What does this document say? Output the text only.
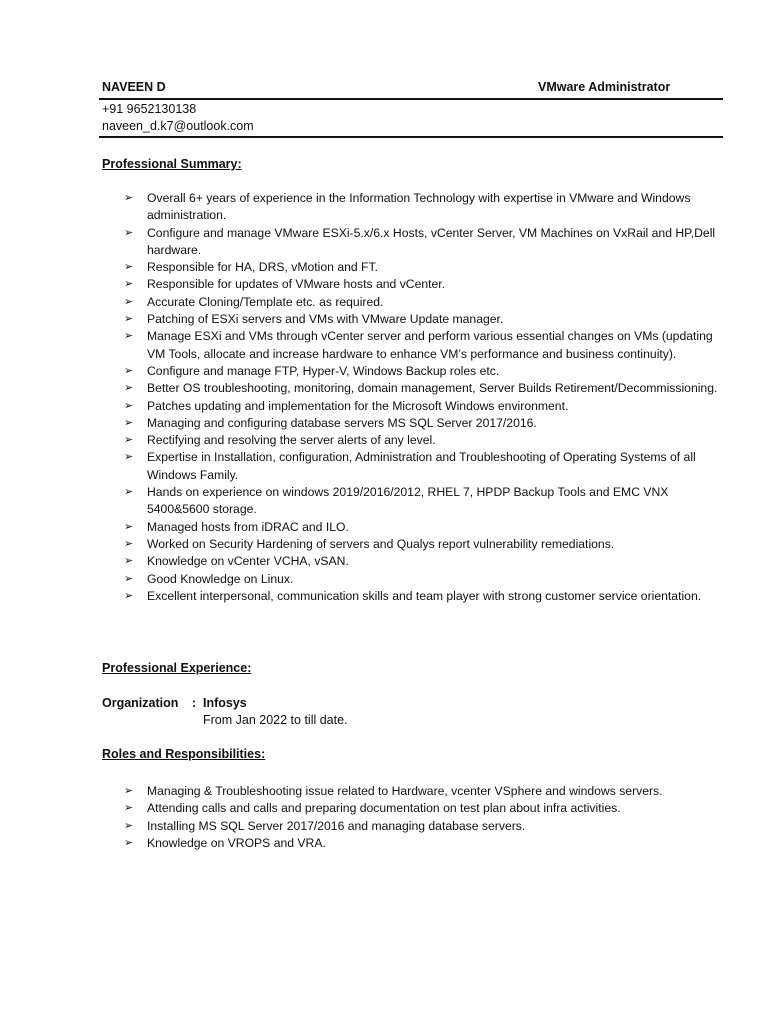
NAVEEN D	VMware Administrator
+91 9652130138
naveen_d.k7@outlook.com
Professional Summary:
➢ Overall 6+ years of experience in the Information Technology with expertise in VMware and Windows administration.
➢ Configure and manage VMware ESXi-5.x/6.x Hosts, vCenter Server, VM Machines on VxRail and HP,Dell hardware.
➢ Responsible for HA, DRS, vMotion and FT.
➢ Responsible for updates of VMware hosts and vCenter.
➢ Accurate Cloning/Template etc. as required.
➢ Patching of ESXi servers and VMs with VMware Update manager.
➢ Manage ESXi and VMs through vCenter server and perform various essential changes on VMs (updating VM Tools, allocate and increase hardware to enhance VM’s performance and business continuity).
➢ Configure and manage FTP, Hyper-V, Windows Backup roles etc.
➢ Better OS troubleshooting, monitoring, domain management, Server Builds Retirement/Decommissioning.
➢ Patches updating and implementation for the Microsoft Windows environment.
➢ Managing and configuring database servers MS SQL Server 2017/2016.
➢ Rectifying and resolving the server alerts of any level.
➢ Expertise in Installation, configuration, Administration and Troubleshooting of Operating Systems of all Windows Family.
➢ Hands on experience on windows 2019/2016/2012, RHEL 7, HPDP Backup Tools and EMC VNX 5400&5600 storage.
➢ Managed hosts from iDRAC and ILO.
➢ Worked on Security Hardening of servers and Qualys report vulnerability remediations.
➢ Knowledge on vCenter VCHA, vSAN.
➢ Good Knowledge on Linux.
➢ Excellent interpersonal, communication skills and team player with strong customer service orientation.
Professional Experience:
Organization : Infosys
From Jan 2022 to till date.
Roles and Responsibilities:
➢ Managing & Troubleshooting issue related to Hardware, vcenter VSphere and windows servers.
➢ Attending calls and calls and preparing documentation on test plan about infra activities.
➢ Installing MS SQL Server 2017/2016 and managing database servers.
➢ Knowledge on VROPS and VRA.
